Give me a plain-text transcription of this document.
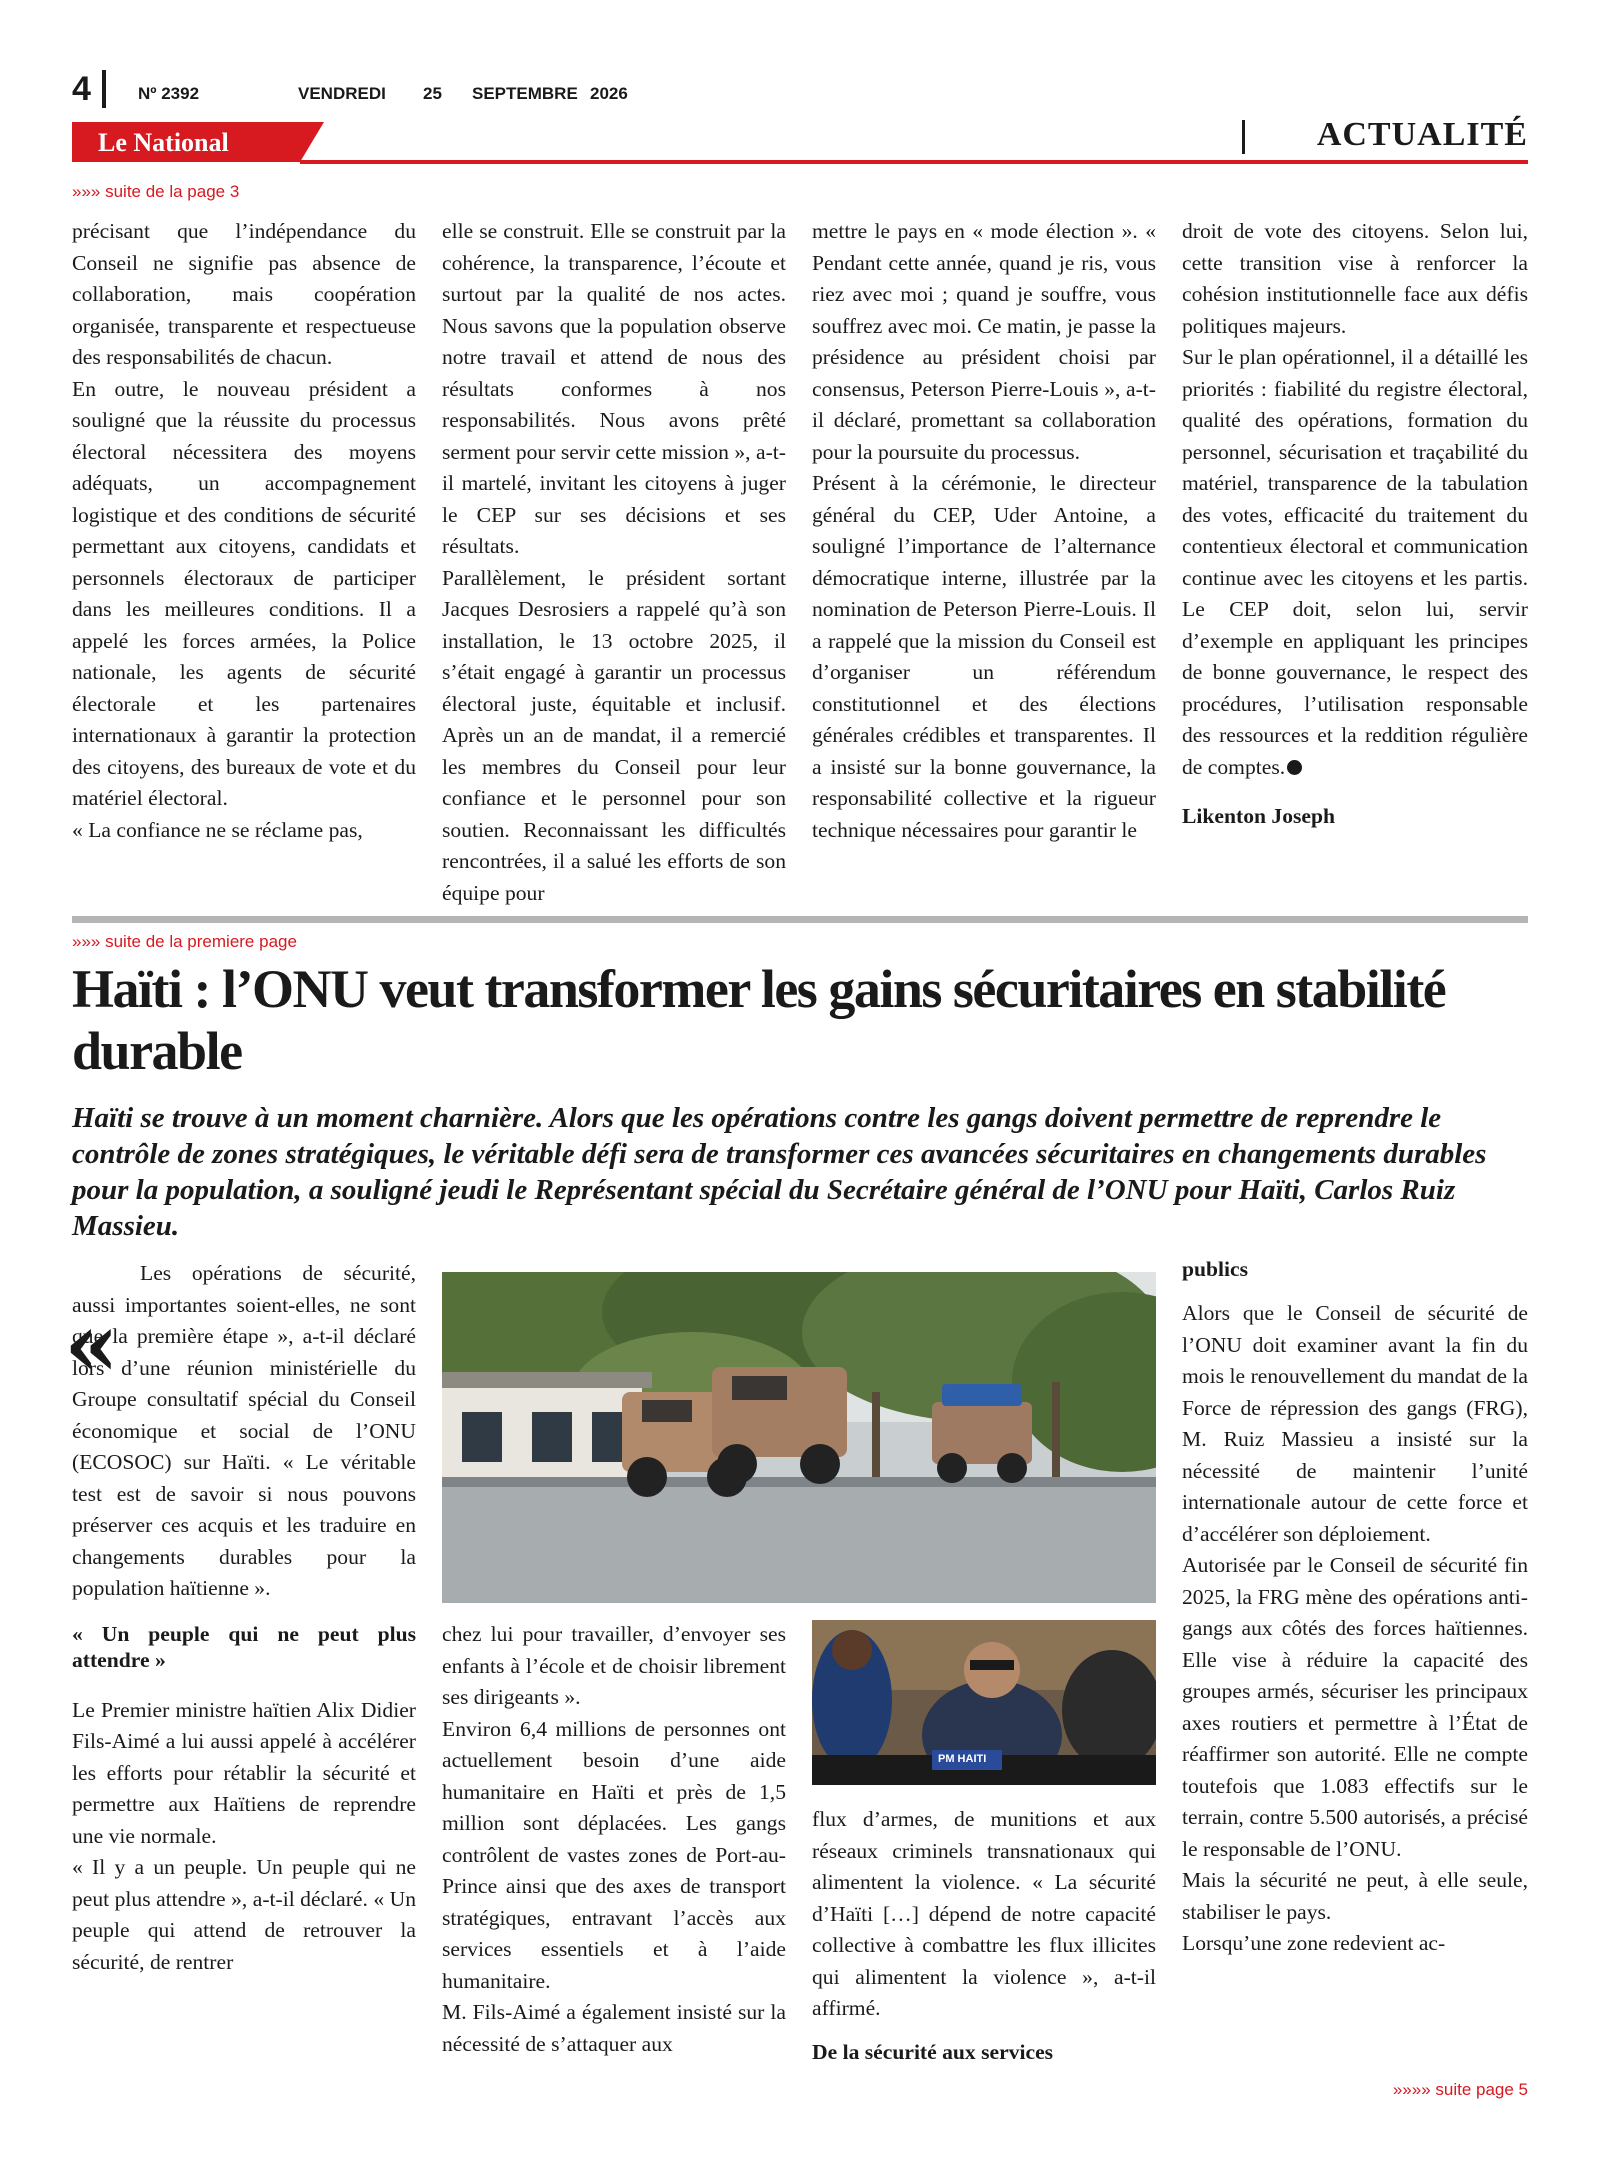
4	Nº 2392	VENDREDI 25 SEPTEMBRE 2026
Le National	ACTUALITÉ
»»» suite de la page 3

précisant que l’indépendance du Conseil ne signifie pas absence de collaboration, mais coopération organisée, transparente et respectueuse des responsabilités de chacun.

En outre, le nouveau président a souligné que la réussite du processus électoral nécessitera des moyens adéquats, un accompagnement logistique et des conditions de sécurité permettant aux citoyens, candidats et personnels électoraux de participer dans les meilleures conditions. Il a appelé les forces armées, la Police nationale, les agents de sécurité électorale et les partenaires internationaux à garantir la protection des citoyens, des bureaux de vote et du matériel électoral.

« La confiance ne se réclame pas,

elle se construit. Elle se construit par la cohérence, la transparence, l’écoute et surtout par la qualité de nos actes. Nous savons que la population observe notre travail et attend de nous des résultats conformes à nos responsabilités. Nous avons prêté serment pour servir cette mission », a-t-il martelé, invitant les citoyens à juger le CEP sur ses décisions et ses résultats.

Parallèlement, le président sortant Jacques Desrosiers a rappelé qu’à son installation, le 13 octobre 2025, il s’était engagé à garantir un processus électoral juste, équitable et inclusif. Après un an de mandat, il a remercié les membres du Conseil pour leur confiance et le personnel pour son soutien. Reconnaissant les difficultés rencontrées, il a salué les efforts de son équipe pour

mettre le pays en « mode élection ». « Pendant cette année, quand je ris, vous riez avec moi ; quand je souffre, vous souffrez avec moi. Ce matin, je passe la présidence au président choisi par consensus, Peterson Pierre-Louis », a-t-il déclaré, promettant sa collaboration pour la poursuite du processus.

Présent à la cérémonie, le directeur général du CEP, Uder Antoine, a souligné l’importance de l’alternance démocratique interne, illustrée par la nomination de Peterson Pierre-Louis. Il a rappelé que la mission du Conseil est d’organiser un référendum constitutionnel et des élections générales crédibles et transparentes. Il a insisté sur la bonne gouvernance, la responsabilité collective et la rigueur technique nécessaires pour garantir le

droit de vote des citoyens. Selon lui, cette transition vise à renforcer la cohésion institutionnelle face aux défis politiques majeurs.

Sur le plan opérationnel, il a détaillé les priorités : fiabilité du registre électoral, qualité des opérations, formation du personnel, sécurisation et traçabilité du matériel, transparence de la tabulation des votes, efficacité du traitement du contentieux électoral et communication continue avec les citoyens et les partis. Le CEP doit, selon lui, servir d’exemple en appliquant les principes de bonne gouvernance, le respect des procédures, l’utilisation responsable des ressources et la reddition régulière de comptes.

Likenton Joseph

»»» suite de la premiere page
Haïti : l’ONU veut transformer les gains sécuritaires en stabilité durable
Haïti se trouve à un moment charnière. Alors que les opérations contre les gangs doivent permettre de reprendre le contrôle de zones stratégiques, le véritable défi sera de transformer ces avancées sécuritaires en changements durables pour la population, a souligné jeudi le Représentant spécial du Secrétaire général de l’ONU pour Haïti, Carlos Ruiz Massieu.
«

Les opérations de sécurité, aussi importantes soient-elles, ne sont que la première étape », a-t-il déclaré lors d’une réunion ministérielle du Groupe consultatif spécial du Conseil économique et social de l’ONU (ECOSOC) sur Haïti. « Le véritable test est de savoir si nous pouvons préserver ces acquis et les traduire en changements durables pour la population haïtienne ».

« Un peuple qui ne peut plus attendre »

Le Premier ministre haïtien Alix Didier Fils-Aimé a lui aussi appelé à accélérer les efforts pour rétablir la sécurité et permettre aux Haïtiens de reprendre une vie normale.

« Il y a un peuple. Un peuple qui ne peut plus attendre », a-t-il déclaré. « Un peuple qui attend de retrouver la sécurité, de rentrer

chez lui pour travailler, d’envoyer ses enfants à l’école et de choisir librement ses dirigeants ».

Environ 6,4 millions de personnes ont actuellement besoin d’une aide humanitaire en Haïti et près de 1,5 million sont déplacées. Les gangs contrôlent de vastes zones de Port-au-Prince ainsi que des axes de transport stratégiques, entravant l’accès aux services essentiels et à l’aide humanitaire.

M. Fils-Aimé a également insisté sur la nécessité de s’attaquer aux

PM HAITI

flux d’armes, de munitions et aux réseaux criminels transnationaux qui alimentent la violence. « La sécurité d’Haïti […] dépend de notre capacité collective à combattre les flux illicites qui alimentent la violence », a-t-il affirmé.

De la sécurité aux services

publics

Alors que le Conseil de sécurité de l’ONU doit examiner avant la fin du mois le renouvellement du mandat de la Force de répression des gangs (FRG), M. Ruiz Massieu a insisté sur la nécessité de maintenir l’unité internationale autour de cette force et d’accélérer son déploiement.

Autorisée par le Conseil de sécurité fin 2025, la FRG mène des opérations anti-gangs aux côtés des forces haïtiennes. Elle vise à réduire la capacité des groupes armés, sécuriser les principaux axes routiers et permettre à l’État de réaffirmer son autorité. Elle ne compte toutefois que 1.083 effectifs sur le terrain, contre 5.500 autorisés, a précisé le responsable de l’ONU.

Mais la sécurité ne peut, à elle seule, stabiliser le pays.

Lorsqu’une zone redevient ac-

»»»» suite page 5
